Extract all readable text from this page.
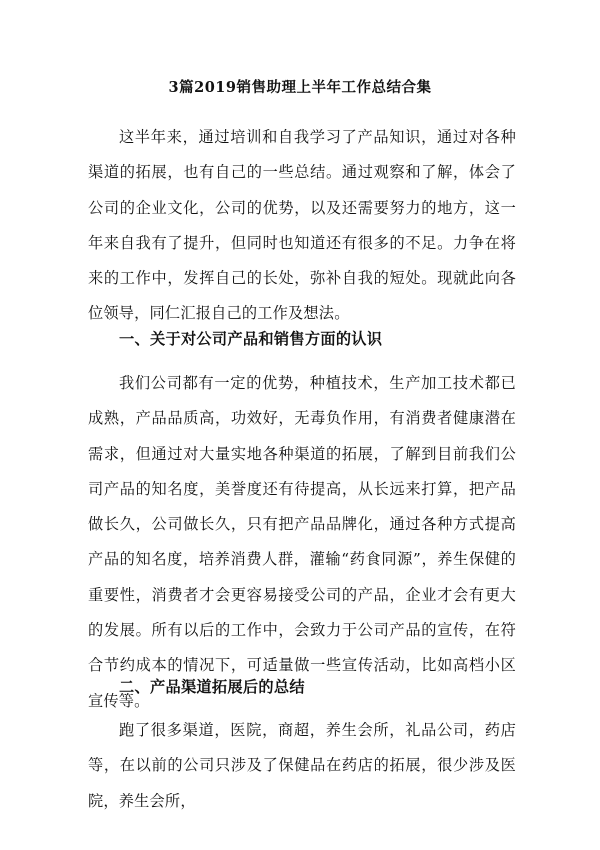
3篇2019销售助理上半年工作总结合集

这半年来，通过培训和自我学习了产品知识，通过对各种渠道的拓展，也有自己的一些总结。通过观察和了解，体会了公司的企业文化，公司的优势，以及还需要努力的地方，这一年来自我有了提升，但同时也知道还有很多的不足。力争在将来的工作中，发挥自己的长处，弥补自我的短处。现就此向各位领导，同仁汇报自己的工作及想法。

一、关于对公司产品和销售方面的认识

我们公司都有一定的优势，种植技术，生产加工技术都已成熟，产品品质高，功效好，无毒负作用，有消费者健康潜在需求，但通过对大量实地各种渠道的拓展，了解到目前我们公司产品的知名度，美誉度还有待提高，从长远来打算，把产品做长久，公司做长久，只有把产品品牌化，通过各种方式提高产品的知名度，培养消费人群，灌输“药食同源”，养生保健的重要性，消费者才会更容易接受公司的产品，企业才会有更大的发展。所有以后的工作中，会致力于公司产品的宣传，在符合节约成本的情况下，可适量做一些宣传活动，比如高档小区宣传等。

二、产品渠道拓展后的总结

跑了很多渠道，医院，商超，养生会所，礼品公司，药店等，在以前的公司只涉及了保健品在药店的拓展，很少涉及医院，养生会所，
